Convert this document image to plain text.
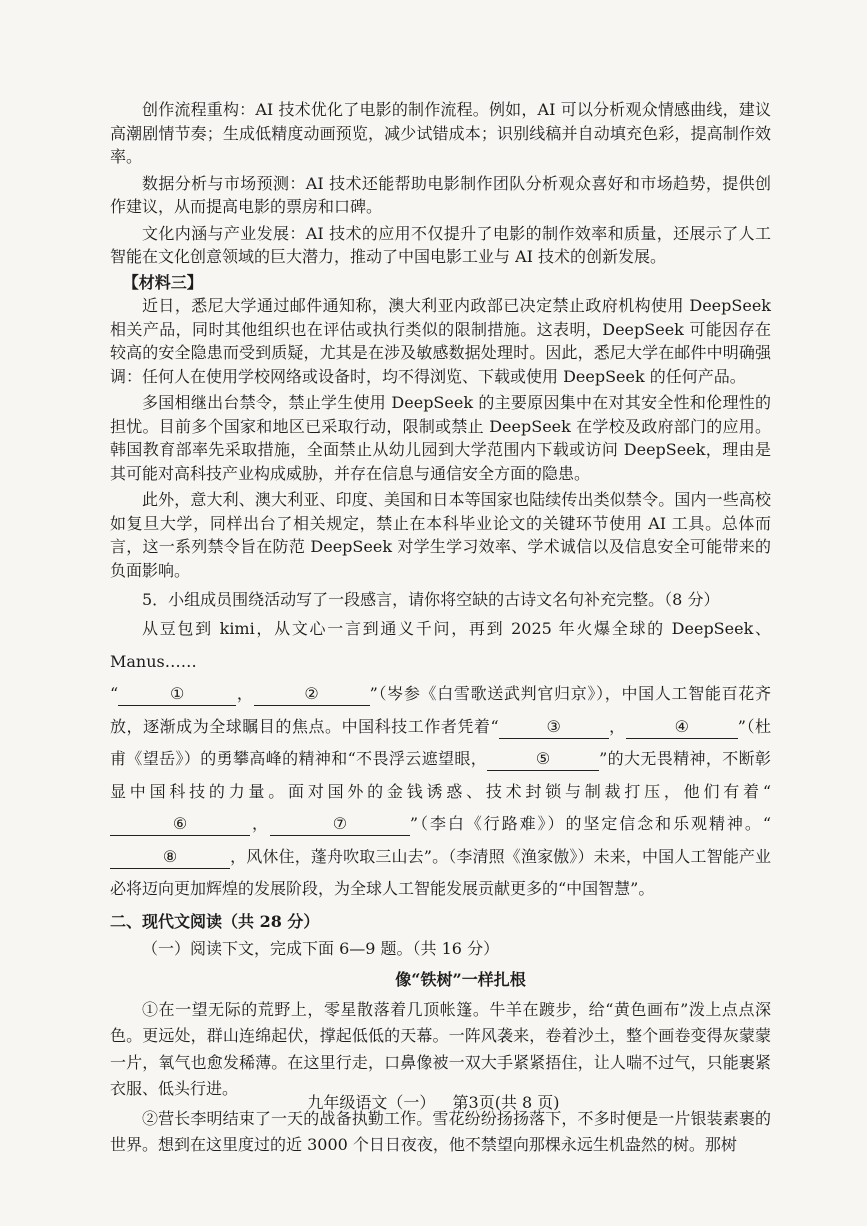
创作流程重构：AI 技术优化了电影的制作流程。例如，AI 可以分析观众情感曲线，建议高潮剧情节奏；生成低精度动画预览，减少试错成本；识别线稿并自动填充色彩，提高制作效率。

数据分析与市场预测：AI 技术还能帮助电影制作团队分析观众喜好和市场趋势，提供创作建议，从而提高电影的票房和口碑。

文化内涵与产业发展：AI 技术的应用不仅提升了电影的制作效率和质量，还展示了人工智能在文化创意领域的巨大潜力，推动了中国电影工业与 AI 技术的创新发展。

【材料三】

近日，悉尼大学通过邮件通知称，澳大利亚内政部已决定禁止政府机构使用 DeepSeek 相关产品，同时其他组织也在评估或执行类似的限制措施。这表明，DeepSeek 可能因存在较高的安全隐患而受到质疑，尤其是在涉及敏感数据处理时。因此，悉尼大学在邮件中明确强调：任何人在使用学校网络或设备时，均不得浏览、下载或使用 DeepSeek 的任何产品。

多国相继出台禁令，禁止学生使用 DeepSeek 的主要原因集中在对其安全性和伦理性的担忧。目前多个国家和地区已采取行动，限制或禁止 DeepSeek 在学校及政府部门的应用。韩国教育部率先采取措施，全面禁止从幼儿园到大学范围内下载或访问 DeepSeek，理由是其可能对高科技产业构成威胁，并存在信息与通信安全方面的隐患。

此外，意大利、澳大利亚、印度、美国和日本等国家也陆续传出类似禁令。国内一些高校如复旦大学，同样出台了相关规定，禁止在本科毕业论文的关键环节使用 AI 工具。总体而言，这一系列禁令旨在防范 DeepSeek 对学生学习效率、学术诚信以及信息安全可能带来的负面影响。

5．小组成员围绕活动写了一段感言，请你将空缺的古诗文名句补充完整。（8 分）

从豆包到 kimi，从文心一言到通义千问，再到 2025 年火爆全球的 DeepSeek、Manus……

“	①	，	②	”（岑参《白雪歌送武判官归京》），中国人工智能百花齐放，逐渐成为全球瞩目的焦点。中国科技工作者凭着“	③	，	④	”（杜甫《望岳》）的勇攀高峰的精神和“不畏浮云遮望眼，	⑤	”的大无畏精神，不断彰显中国科技的力量。面对国外的金钱诱惑、技术封锁与制裁打压，他们有着“⑥	，	⑦	”（李白《行路难》）的坚定信念和乐观精神。“⑧	，风休住，蓬舟吹取三山去”。（李清照《渔家傲》）未来，中国人工智能产业必将迈向更加辉煌的发展阶段，为全球人工智能发展贡献更多的“中国智慧”。

二、现代文阅读（共 28 分）

（一）阅读下文，完成下面 6—9 题。（共 16 分）

像“铁树”一样扎根

①在一望无际的荒野上，零星散落着几顶帐篷。牛羊在踱步，给“黄色画布”泼上点点深色。更远处，群山连绵起伏，撑起低低的天幕。一阵风袭来，卷着沙土，整个画卷变得灰蒙蒙一片，氧气也愈发稀薄。在这里行走，口鼻像被一双大手紧紧捂住，让人喘不过气，只能裹紧衣服、低头行进。

②营长李明结束了一天的战备执勤工作。雪花纷纷扬扬落下，不多时便是一片银装素裹的世界。想到在这里度过的近 3000 个日日夜夜，他不禁望向那棵永远生机盎然的树。那树

九年级语文（一） 第3页(共 8 页)
